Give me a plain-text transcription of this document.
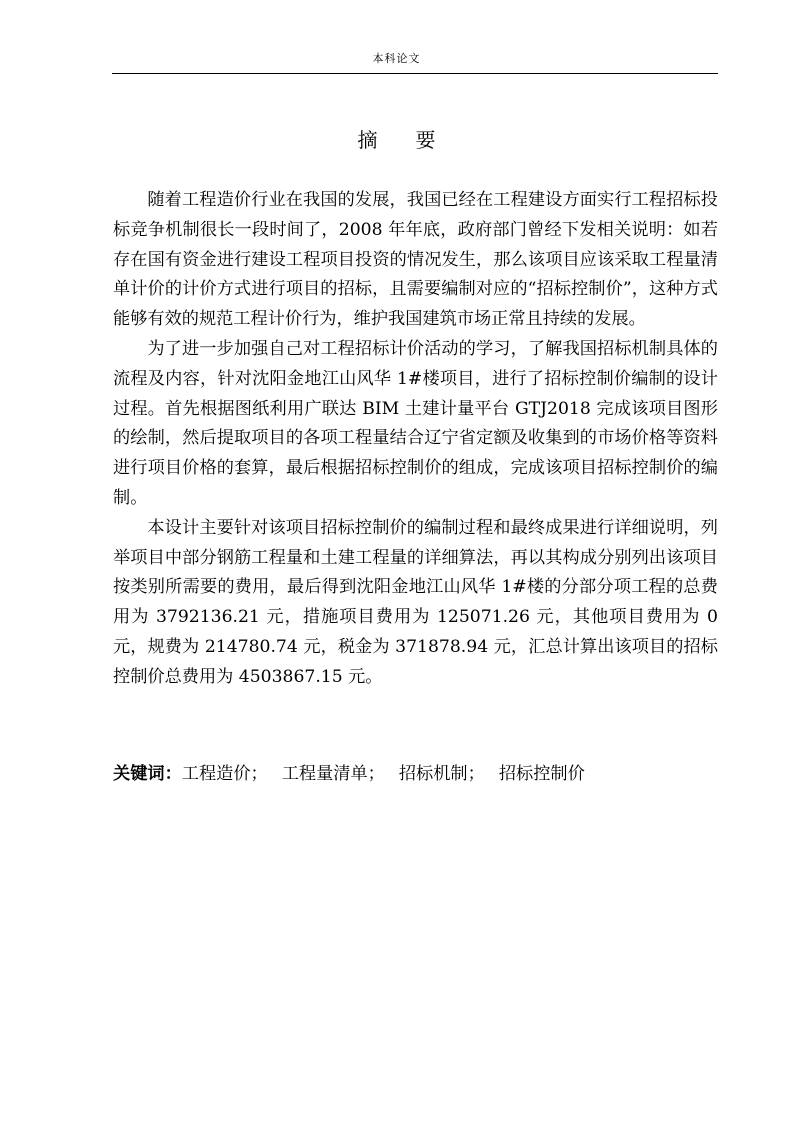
本科论文
摘 要

随着工程造价行业在我国的发展，我国已经在工程建设方面实行工程招标投标竞争机制很长一段时间了，2008 年年底，政府部门曾经下发相关说明：如若存在国有资金进行建设工程项目投资的情况发生，那么该项目应该采取工程量清单计价的计价方式进行项目的招标，且需要编制对应的“招标控制价”，这种方式能够有效的规范工程计价行为，维护我国建筑市场正常且持续的发展。

为了进一步加强自己对工程招标计价活动的学习，了解我国招标机制具体的流程及内容，针对沈阳金地江山风华 1#楼项目，进行了招标控制价编制的设计过程。首先根据图纸利用广联达 BIM 土建计量平台 GTJ2018 完成该项目图形的绘制，然后提取项目的各项工程量结合辽宁省定额及收集到的市场价格等资料进行项目价格的套算，最后根据招标控制价的组成，完成该项目招标控制价的编制。

本设计主要针对该项目招标控制价的编制过程和最终成果进行详细说明，列举项目中部分钢筋工程量和土建工程量的详细算法，再以其构成分别列出该项目按类别所需要的费用，最后得到沈阳金地江山风华 1#楼的分部分项工程的总费用为 3792136.21 元，措施项目费用为 125071.26 元，其他项目费用为 0 元，规费为 214780.74 元，税金为 371878.94 元，汇总计算出该项目的招标控制价总费用为 4503867.15 元。

关键词：工程造价； 工程量清单； 招标机制； 招标控制价
